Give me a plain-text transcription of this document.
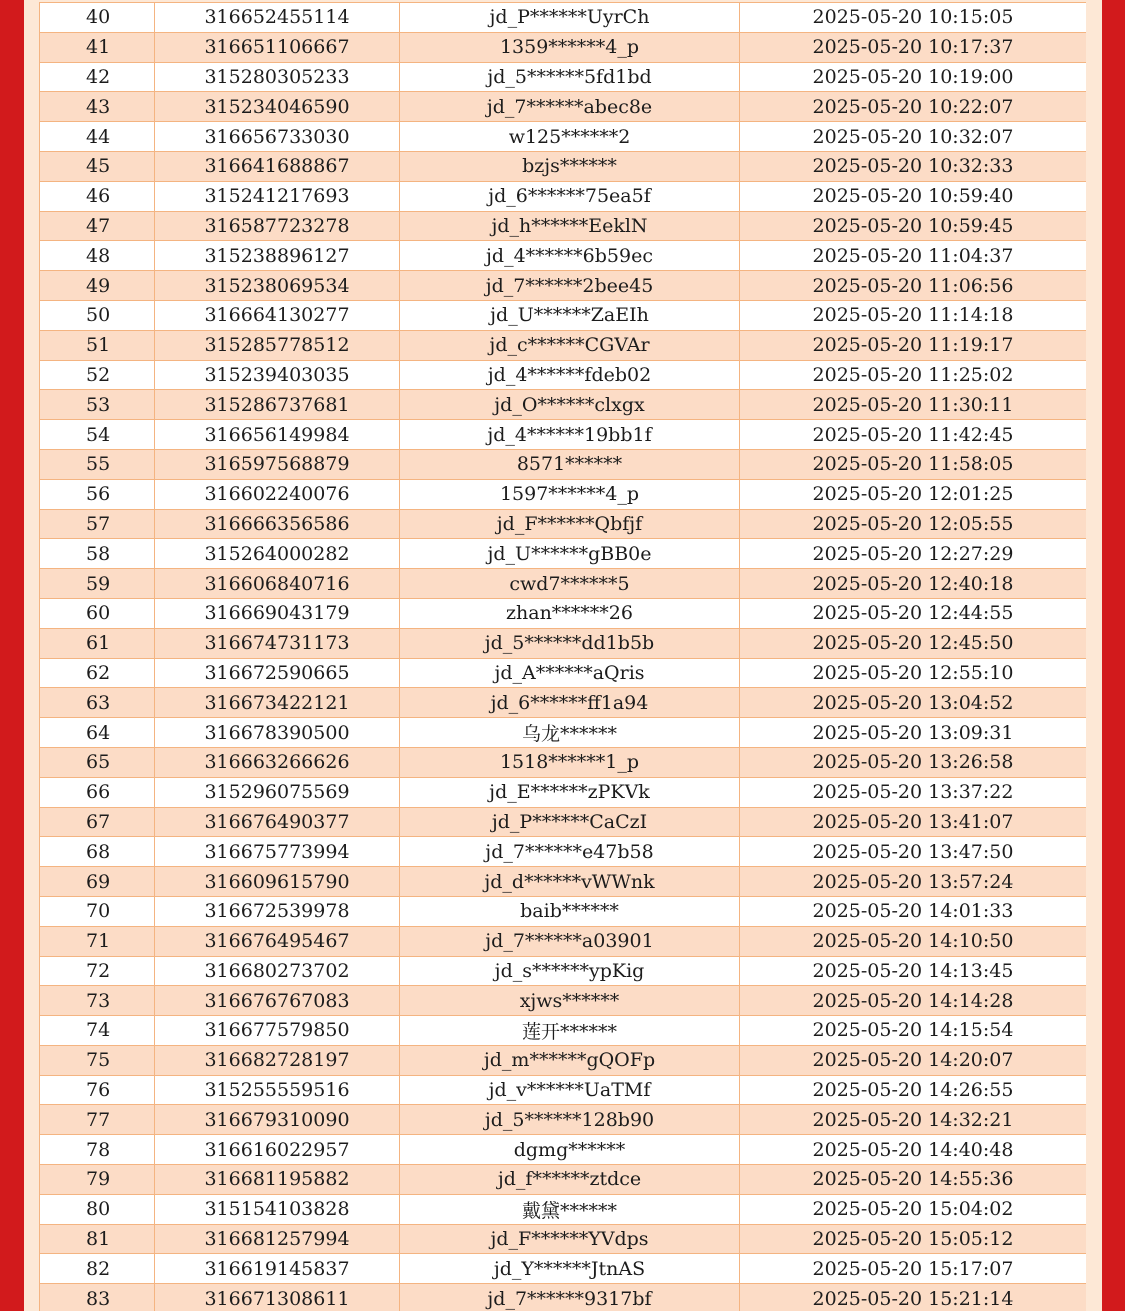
40	316652455114	jd_P******UyrCh	2025-05-20 10:15:05
41	316651106667	1359******4_p	2025-05-20 10:17:37
42	315280305233	jd_5******5fd1bd	2025-05-20 10:19:00
43	315234046590	jd_7******abec8e	2025-05-20 10:22:07
44	316656733030	w125******2	2025-05-20 10:32:07
45	316641688867	bzjs******	2025-05-20 10:32:33
46	315241217693	jd_6******75ea5f	2025-05-20 10:59:40
47	316587723278	jd_h******EeklN	2025-05-20 10:59:45
48	315238896127	jd_4******6b59ec	2025-05-20 11:04:37
49	315238069534	jd_7******2bee45	2025-05-20 11:06:56
50	316664130277	jd_U******ZaEIh	2025-05-20 11:14:18
51	315285778512	jd_c******CGVAr	2025-05-20 11:19:17
52	315239403035	jd_4******fdeb02	2025-05-20 11:25:02
53	315286737681	jd_O******clxgx	2025-05-20 11:30:11
54	316656149984	jd_4******19bb1f	2025-05-20 11:42:45
55	316597568879	8571******	2025-05-20 11:58:05
56	316602240076	1597******4_p	2025-05-20 12:01:25
57	316666356586	jd_F******Qbfjf	2025-05-20 12:05:55
58	315264000282	jd_U******gBB0e	2025-05-20 12:27:29
59	316606840716	cwd7******5	2025-05-20 12:40:18
60	316669043179	zhan******26	2025-05-20 12:44:55
61	316674731173	jd_5******dd1b5b	2025-05-20 12:45:50
62	316672590665	jd_A******aQris	2025-05-20 12:55:10
63	316673422121	jd_6******ff1a94	2025-05-20 13:04:52
64	316678390500	乌龙******	2025-05-20 13:09:31
65	316663266626	1518******1_p	2025-05-20 13:26:58
66	315296075569	jd_E******zPKVk	2025-05-20 13:37:22
67	316676490377	jd_P******CaCzI	2025-05-20 13:41:07
68	316675773994	jd_7******e47b58	2025-05-20 13:47:50
69	316609615790	jd_d******vWWnk	2025-05-20 13:57:24
70	316672539978	baib******	2025-05-20 14:01:33
71	316676495467	jd_7******a03901	2025-05-20 14:10:50
72	316680273702	jd_s******ypKig	2025-05-20 14:13:45
73	316676767083	xjws******	2025-05-20 14:14:28
74	316677579850	莲开******	2025-05-20 14:15:54
75	316682728197	jd_m******gQOFp	2025-05-20 14:20:07
76	315255559516	jd_v******UaTMf	2025-05-20 14:26:55
77	316679310090	jd_5******128b90	2025-05-20 14:32:21
78	316616022957	dgmg******	2025-05-20 14:40:48
79	316681195882	jd_f******ztdce	2025-05-20 14:55:36
80	315154103828	戴黛******	2025-05-20 15:04:02
81	316681257994	jd_F******YVdps	2025-05-20 15:05:12
82	316619145837	jd_Y******JtnAS	2025-05-20 15:17:07
83	316671308611	jd_7******9317bf	2025-05-20 15:21:14
